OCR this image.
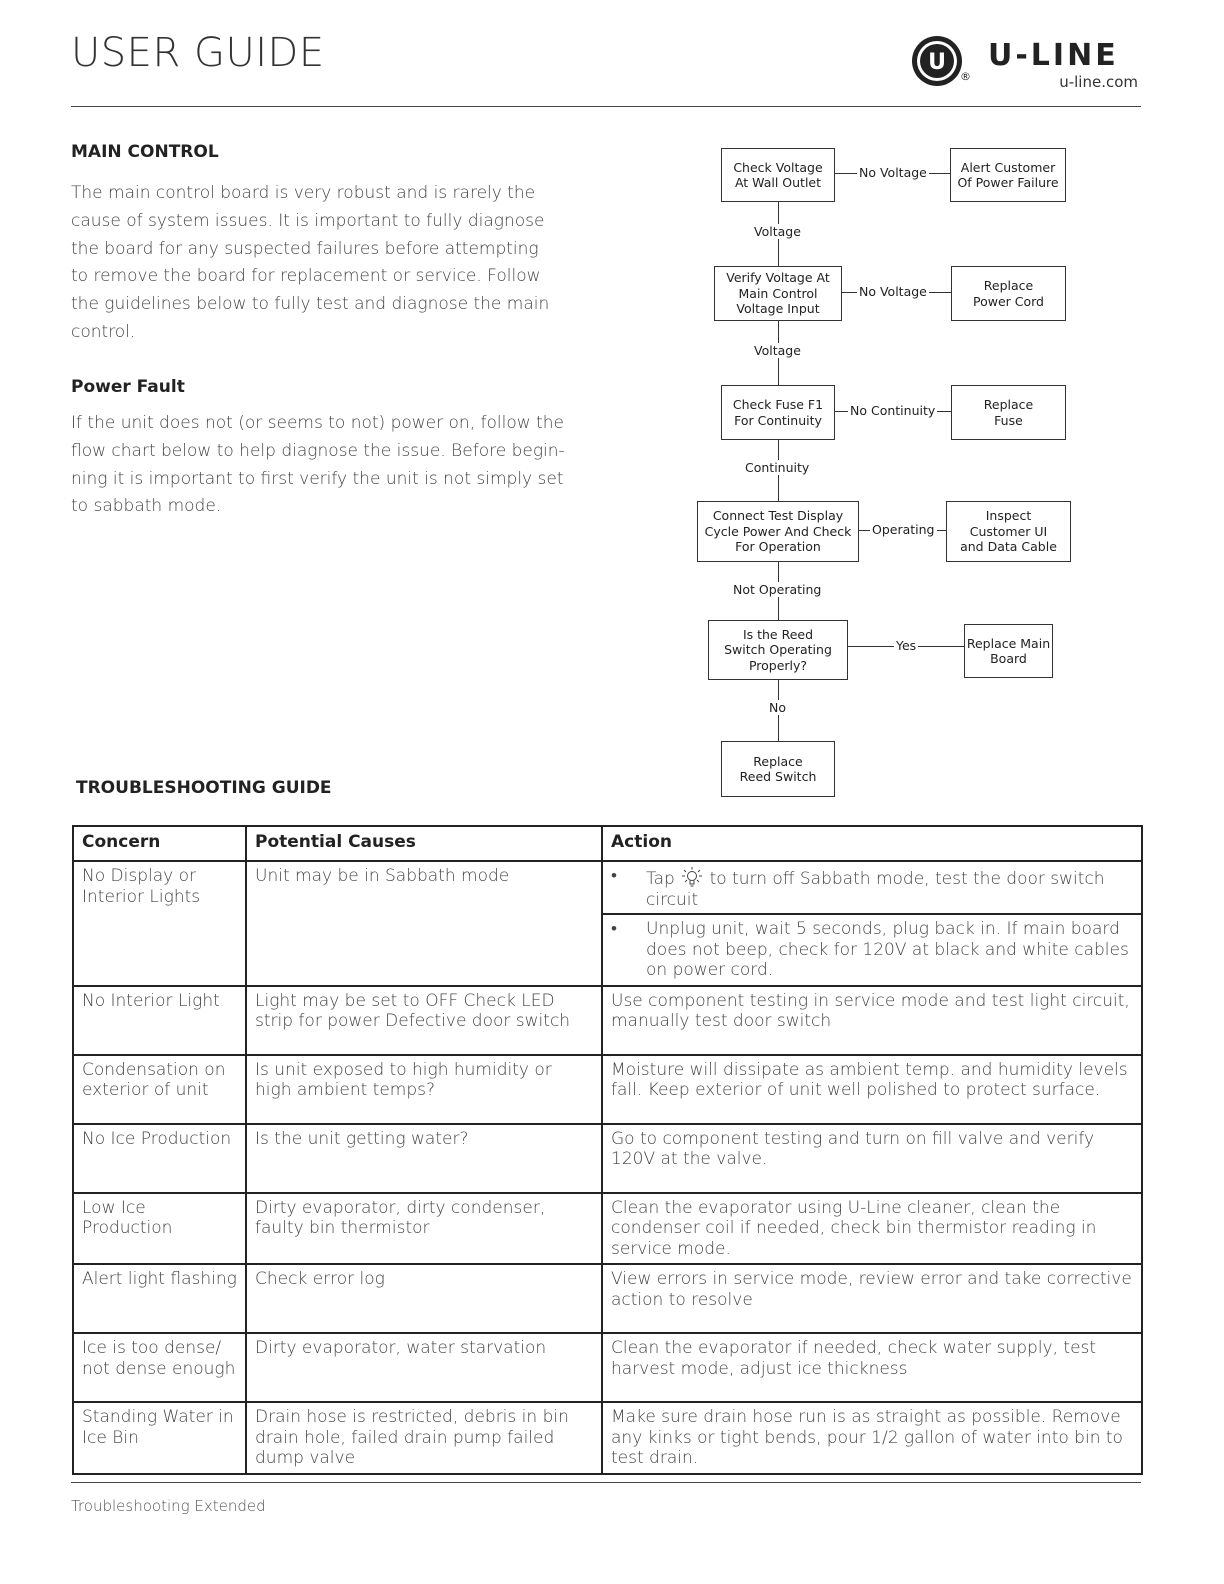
USER GUIDE	U
®
U-LINE
u-line.com
MAIN CONTROL
The main control board is very robust and is rarely the cause of system issues. It is important to fully diagnose the board for any suspected failures before attempting to remove the board for replacement or service. Follow the guidelines below to fully test and diagnose the main control.
Power Fault
If the unit does not (or seems to not) power on, follow the flow chart below to help diagnose the issue. Before begin-ning it is important to first verify the unit is not simply set to sabbath mode.
Check Voltage
At Wall Outlet
Verify Voltage At
Main Control
Voltage Input
Check Fuse F1
For Continuity
Connect Test Display
Cycle Power And Check
For Operation
Is the Reed
Switch Operating
Properly?
Replace
Reed Switch
Alert Customer
Of Power Failure
Replace
Power Cord
Replace
Fuse
Inspect
Customer UI
and Data Cable
Replace Main
Board
No Voltage
No Voltage
No Continuity
Operating
Yes
Voltage
Voltage
Continuity
Not Operating
No
TROUBLESHOOTING GUIDE
Concern	Potential Causes	Action
No Display or Interior Lights	Unit may be in Sabbath mode	• Tap  to turn off Sabbath mode, test the door switch circuit
• Unplug unit, wait 5 seconds, plug back in. If main board does not beep, check for 120V at black and white cables on power cord.

No Interior Light	Light may be set to OFF Check LED strip for power Defective door switch	Use component testing in service mode and test light circuit, manually test door switch
Condensation on exterior of unit	Is unit exposed to high humidity or high ambient temps?	Moisture will dissipate as ambient temp. and humidity levels fall. Keep exterior of unit well polished to protect surface.
No Ice Production	Is the unit getting water?	Go to component testing and turn on fill valve and verify 120V at the valve.
Low Ice Production	Dirty evaporator, dirty condenser, faulty bin thermistor	Clean the evaporator using U-Line cleaner, clean the condenser coil if needed, check bin thermistor reading in service mode.
Alert light flashing	Check error log	View errors in service mode, review error and take corrective action to resolve
Ice is too dense/ not dense enough	Dirty evaporator, water starvation	Clean the evaporator if needed, check water supply, test harvest mode, adjust ice thickness
Standing Water in Ice Bin	Drain hose is restricted, debris in bin drain hole, failed drain pump failed dump valve	Make sure drain hose run is as straight as possible. Remove any kinks or tight bends, pour 1/2 gallon of water into bin to test drain.
Troubleshooting Extended
